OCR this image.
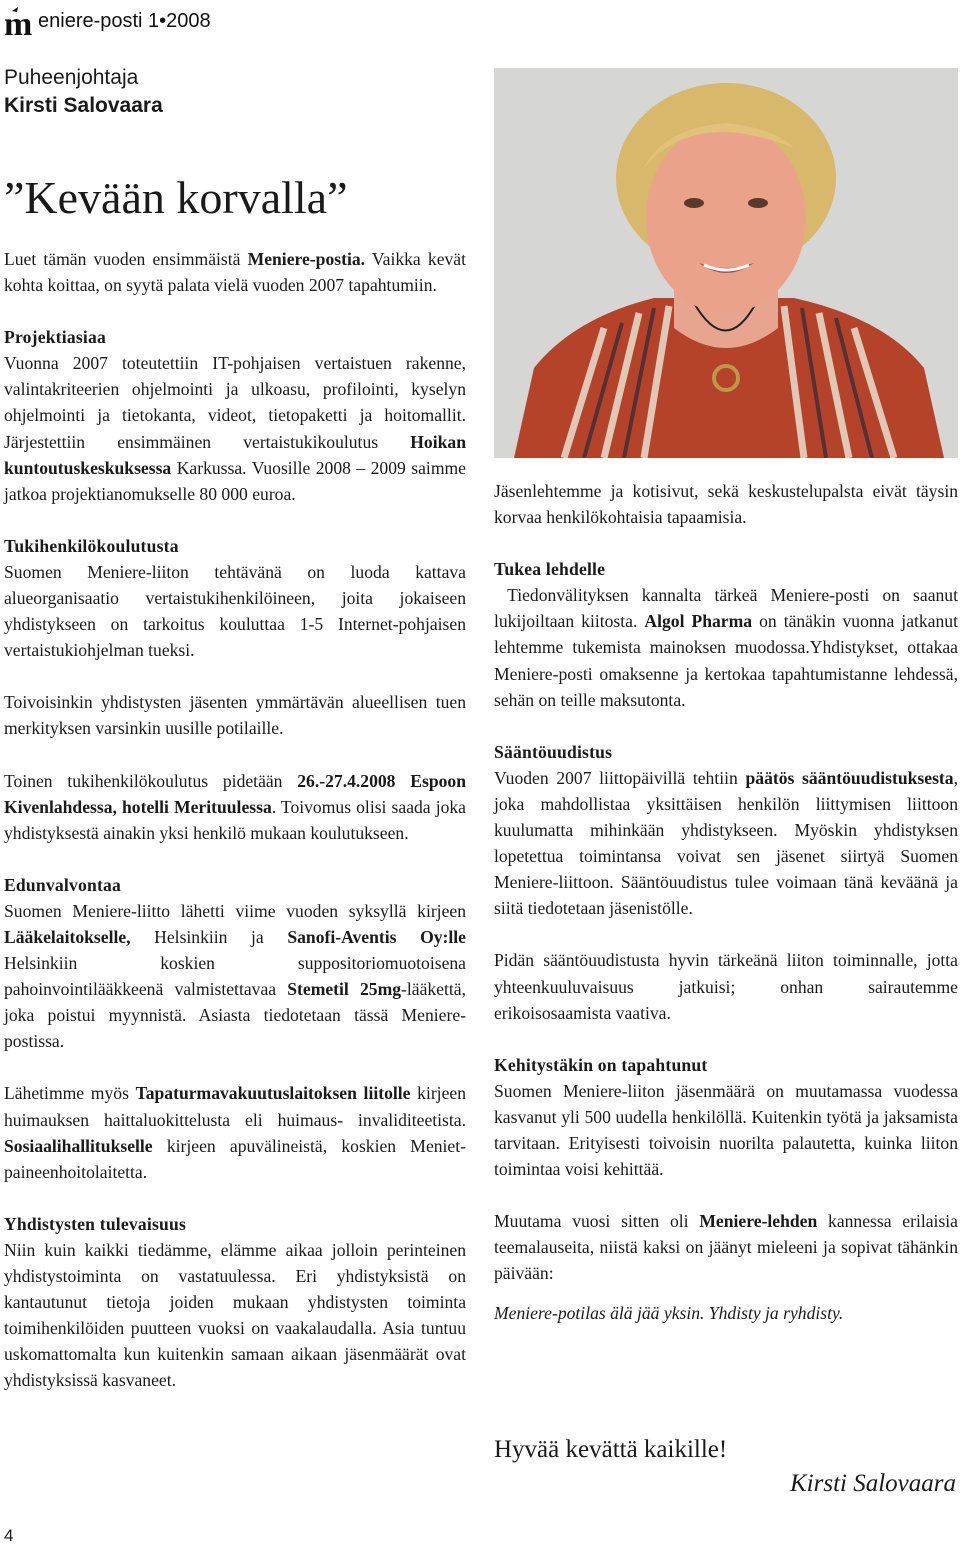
m eniere-posti 1•2008
Puheenjohtaja
Kirsti Salovaara
”Kevään korvalla”

Luet tämän vuoden ensimmäistä Meniere-postia. Vaikka kevät kohta koittaa, on syytä palata vielä vuoden 2007 tapahtumiin.

Projektiasiaa
Vuonna 2007 toteutettiin IT-pohjaisen vertaistuen rakenne, valintakriteerien ohjelmointi ja ulkoasu, profilointi, kyselyn ohjelmointi ja tietokanta, videot, tietopaketti ja hoitomallit. Järjestettiin ensimmäinen vertaistukikoulutus Hoikan kuntoutuskeskuksessa Karkussa. Vuosille 2008 – 2009 saimme jatkoa projektianomukselle 80 000 euroa.

Tukihenkilökoulutusta
Suomen Meniere-liiton tehtävänä on luoda kattava alueorganisaatio vertaistukihenkilöineen, joita jokaiseen yhdistykseen on tarkoitus kouluttaa 1-5 Internet-pohjaisen vertaistukiohjelman tueksi.

Toivoisinkin yhdistysten jäsenten ymmärtävän alueellisen tuen merkityksen varsinkin uusille potilaille.

Toinen tukihenkilökoulutus pidetään 26.-27.4.2008 Espoon Kivenlahdessa, hotelli Merituulessa. Toivomus olisi saada joka yhdistyksestä ainakin yksi henkilö mukaan koulutukseen.

Edunvalvontaa
Suomen Meniere-liitto lähetti viime vuoden syksyllä kirjeen Lääkelaitokselle, Helsinkiin ja Sanofi-Aventis Oy:lle Helsinkiin koskien suppositoriomuotoisena pahoinvointilääkkeenä valmistettavaa Stemetil 25mg-lääkettä, joka poistui myynnistä. Asiasta tiedotetaan tässä Meniere-postissa.

Lähetimme myös Tapaturmavakuutuslaitoksen liitolle kirjeen huimauksen haittaluokittelusta eli huimaus- invaliditeetista. Sosiaalihallitukselle kirjeen apuvälineistä, koskien Meniet-paineenhoitolaitetta.

Yhdistysten tulevaisuus
Niin kuin kaikki tiedämme, elämme aikaa jolloin perinteinen yhdistystoiminta on vastatuulessa. Eri yhdistyksistä on kantautunut tietoja joiden mukaan yhdistysten toiminta toimihenkilöiden puutteen vuoksi on vaakalaudalla. Asia tuntuu uskomattomalta kun kuitenkin samaan aikaan jäsenmäärät ovat yhdistyksissä kasvaneet.

Jäsenlehtemme ja kotisivut, sekä keskustelupalsta eivät täysin korvaa henkilökohtaisia tapaamisia.

Tukea lehdelle
Tiedonvälityksen kannalta tärkeä Meniere-posti on saanut lukijoiltaan kiitosta. Algol Pharma on tänäkin vuonna jatkanut lehtemme tukemista mainoksen muodossa.Yhdistykset, ottakaa Meniere-posti omaksenne ja kertokaa tapahtumistanne lehdessä, sehän on teille maksutonta.

Sääntöuudistus
Vuoden 2007 liittopäivillä tehtiin päätös sääntöuudistuksesta, joka mahdollistaa yksittäisen henkilön liittymisen liittoon kuulumatta mihinkään yhdistykseen. Myöskin yhdistyksen lopetettua toimintansa voivat sen jäsenet siirtyä Suomen Meniere-liittoon. Sääntöuudistus tulee voimaan tänä keväänä ja siitä tiedotetaan jäsenistölle.

Pidän sääntöuudistusta hyvin tärkeänä liiton toiminnalle, jotta yhteenkuuluvaisuus jatkuisi; onhan sairautemme erikoisosaamista vaativa.

Kehitystäkin on tapahtunut
Suomen Meniere-liiton jäsenmäärä on muutamassa vuodessa kasvanut yli 500 uudella henkilöllä. Kuitenkin työtä ja jaksamista tarvitaan. Erityisesti toivoisin nuorilta palautetta, kuinka liiton toimintaa voisi kehittää.

Muutama vuosi sitten oli Meniere-lehden kannessa erilaisia teemalauseita, niistä kaksi on jäänyt mieleeni ja sopivat tähänkin päivään:

Meniere-potilas älä jää yksin. Yhdisty ja ryhdisty.

Hyvää kevättä kaikille!
Kirsti Salovaara
4
